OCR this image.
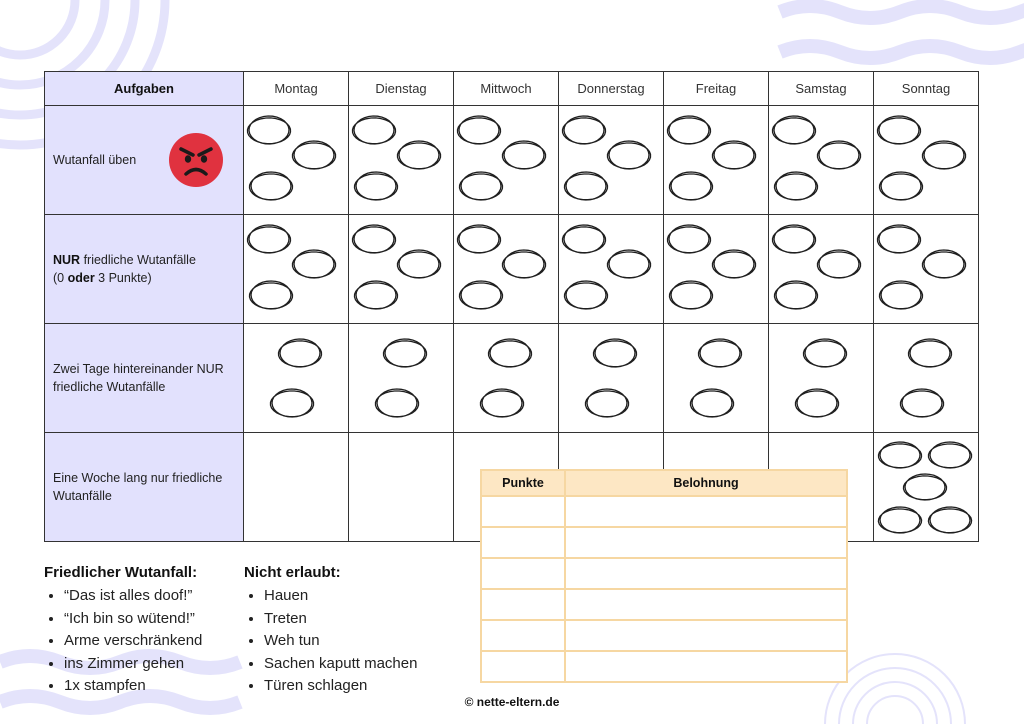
Aufgaben	Montag	Dienstag	Mittwoch	Donnerstag	Freitag	Samstag	Sonntag
Wutanfall üben

NUR friedliche Wutanfälle
(0 oder 3 Punkte)	

Zwei Tage hintereinander NUR friedliche Wutanfälle	

Eine Woche lang nur friedliche Wutanfälle							
Friedlicher Wutanfall:
• “Das ist alles doof!”
• “Ich bin so wütend!”
• Arme verschränkend
• ins Zimmer gehen
• 1x stampfen
Nicht erlaubt:
• Hauen
• Treten
• Weh tun
• Sachen kaputt machen
• Türen schlagen
Punkte	Belohnung

© nette-eltern.de
